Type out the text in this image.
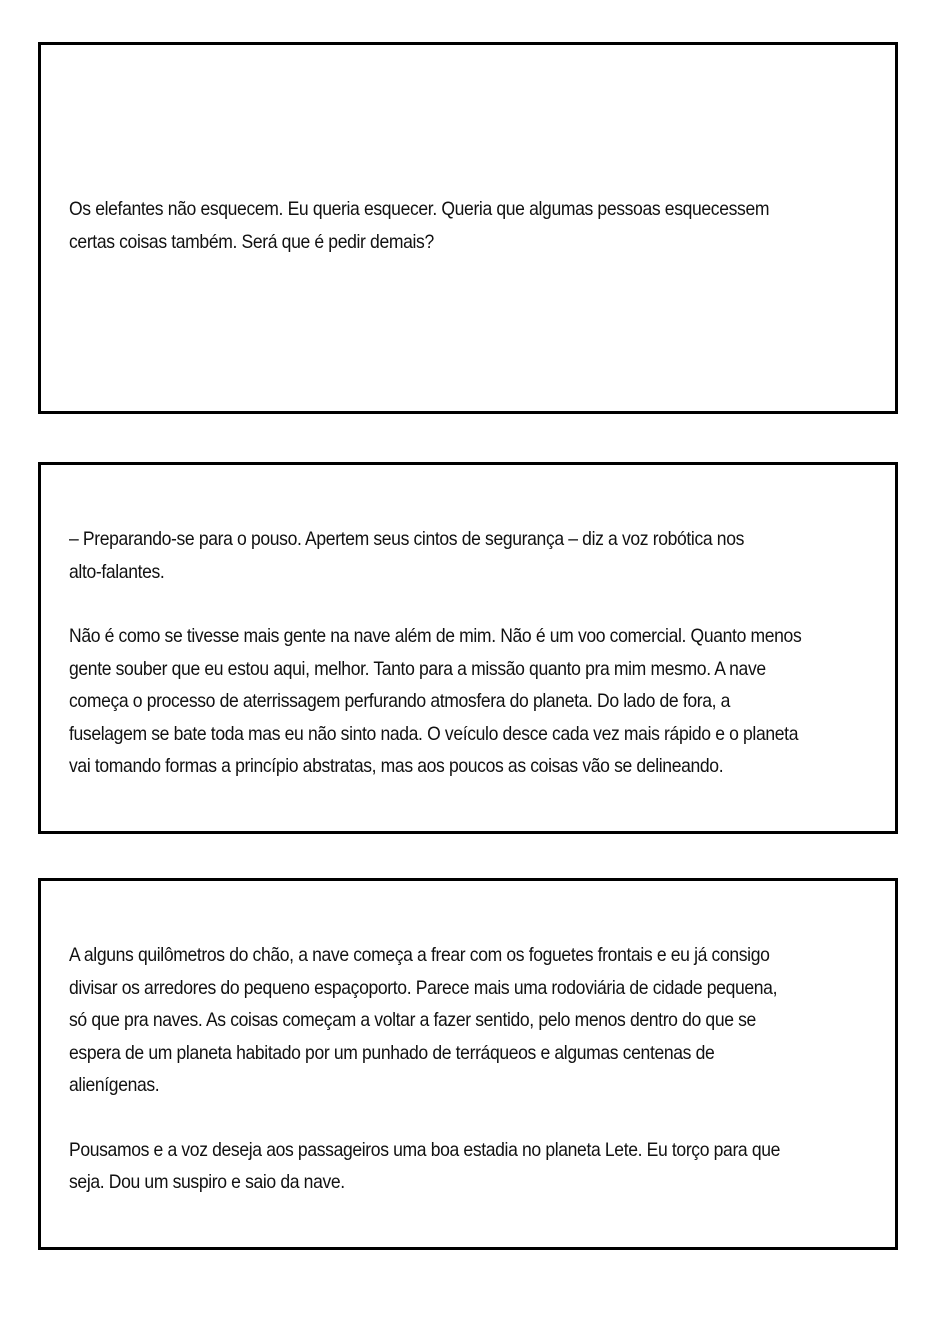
Os elefantes não esquecem. Eu queria esquecer. Queria que algumas pessoas esquecessem
certas coisas também. Será que é pedir demais?

– Preparando-se para o pouso. Apertem seus cintos de segurança – diz a voz robótica nos
alto-falantes.

Não é como se tivesse mais gente na nave além de mim. Não é um voo comercial. Quanto menos
gente souber que eu estou aqui, melhor. Tanto para a missão quanto pra mim mesmo. A nave
começa o processo de aterrissagem perfurando atmosfera do planeta. Do lado de fora, a
fuselagem se bate toda mas eu não sinto nada. O veículo desce cada vez mais rápido e o planeta
vai tomando formas a princípio abstratas, mas aos poucos as coisas vão se delineando.

A alguns quilômetros do chão, a nave começa a frear com os foguetes frontais e eu já consigo
divisar os arredores do pequeno espaçoporto. Parece mais uma rodoviária de cidade pequena,
só que pra naves. As coisas começam a voltar a fazer sentido, pelo menos dentro do que se
espera de um planeta habitado por um punhado de terráqueos e algumas centenas de
alienígenas.

Pousamos e a voz deseja aos passageiros uma boa estadia no planeta Lete. Eu torço para que
seja. Dou um suspiro e saio da nave.
